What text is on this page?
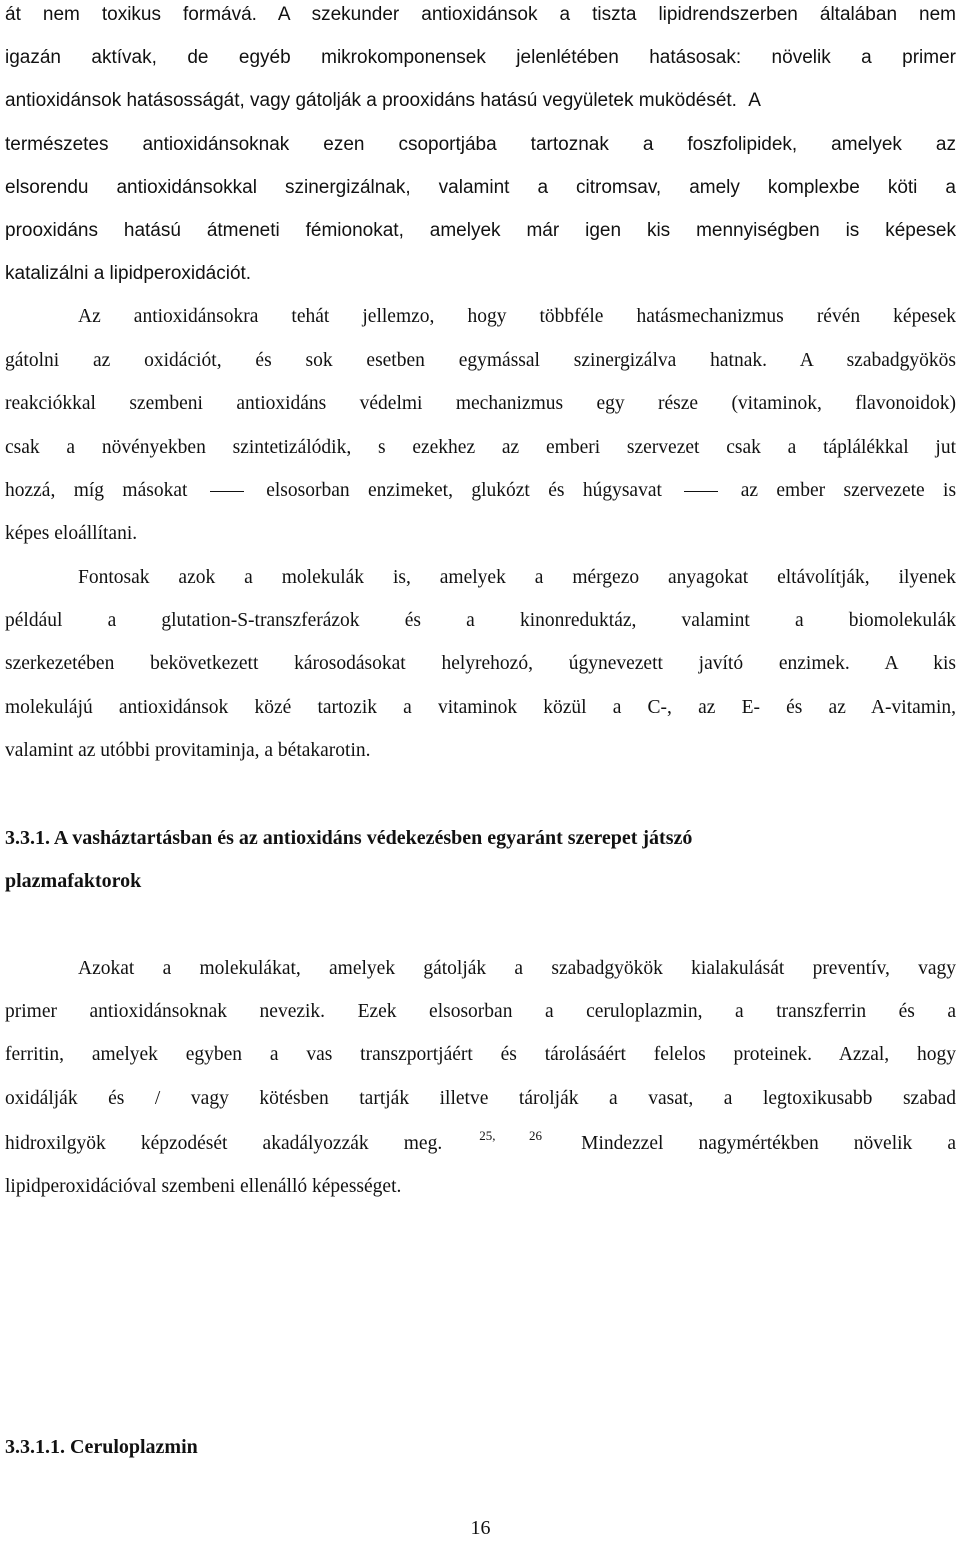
át nem toxikus formává. A szekunder antioxidánsok a tiszta lipidrendszerben általában nem
igazán aktívak, de egyéb mikrokomponensek jelenlétében hatásosak: növelik a primer
antioxidánsok hatásosságát, vagy gátolják a prooxidáns hatású vegyületek muködését. A
természetes antioxidánsoknak ezen csoportjába tartoznak a foszfolipidek, amelyek az
elsorendu antioxidánsokkal szinergizálnak, valamint a citromsav, amely komplexbe köti a
prooxidáns hatású átmeneti fémionokat, amelyek már igen kis mennyiségben is képesek
katalizálni a lipidperoxidációt.
Az antioxidánsokra tehát jellemzo, hogy többféle hatásmechanizmus révén képesek
gátolni az oxidációt, és sok esetben egymással szinergizálva hatnak. A szabadgyökös
reakciókkal szembeni antioxidáns védelmi mechanizmus egy része (vitaminok, flavonoidok)
csak a növényekben szintetizálódik, s ezekhez az emberi szervezet csak a táplálékkal jut
hozzá, míg másokat	elsosorban enzimeket, glukózt és húgysavat	az ember szervezete is
képes eloállítani.
Fontosak azok a molekulák is, amelyek a mérgezo anyagokat eltávolítják, ilyenek
például a glutation-S-transzferázok és a kinonreduktáz, valamint a biomolekulák
szerkezetében bekövetkezett károsodásokat helyrehozó, úgynevezett javító enzimek. A kis
molekulájú antioxidánsok közé tartozik a vitaminok közül a C-, az E- és az A-vitamin,
valamint az utóbbi provitaminja, a bétakarotin.
3.3.1. A vasháztartásban és az antioxidáns védekezésben egyaránt szerepet játszó
plazmafaktorok
Azokat a molekulákat, amelyek gátolják a szabadgyökök kialakulását preventív, vagy
primer antioxidánsoknak nevezik. Ezek elsosorban a ceruloplazmin, a transzferrin és a
ferritin, amelyek egyben a vas transzportjáért és tárolásáért felelos proteinek. Azzal, hogy
oxidálják és / vagy kötésben tartják illetve tárolják a vasat, a legtoxikusabb szabad
hidroxilgyök képzodését akadályozzák meg.	$^{25, 26}$ Mindezzel nagymértékben növelik a
lipidperoxidációval szembeni ellenálló képességet.
3.3.1.1. Ceruloplazmin
16
